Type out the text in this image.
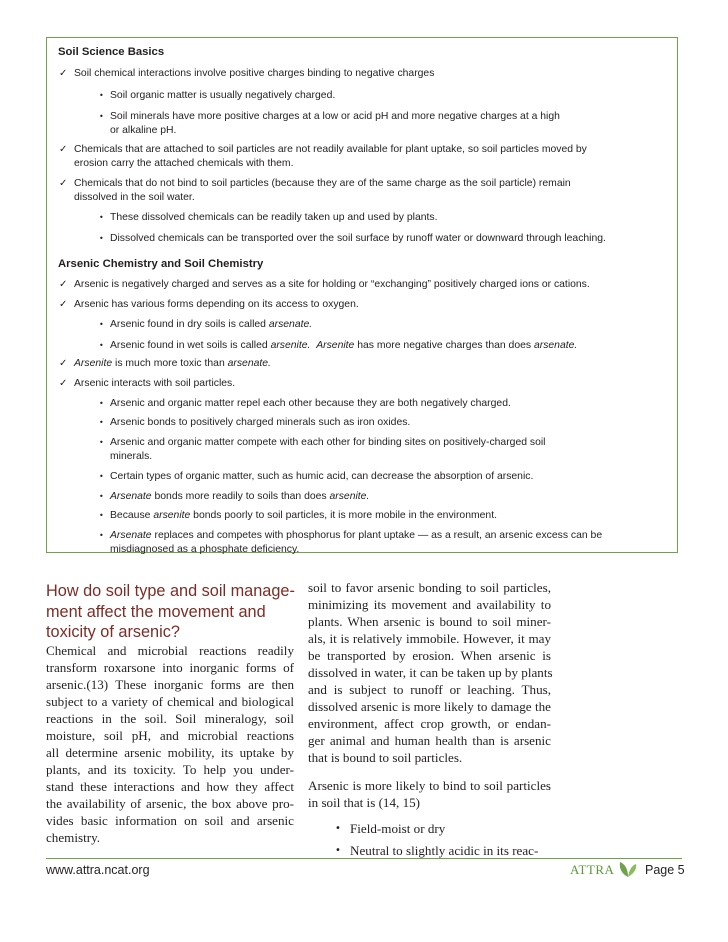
Soil Science Basics
✓ Soil chemical interactions involve positive charges binding to negative charges
• Soil organic matter is usually negatively charged.
• Soil minerals have more positive charges at a low or acid pH and more negative charges at a high
or alkaline pH.
✓ Chemicals that are attached to soil particles are not readily available for plant uptake, so soil particles moved by
erosion carry the attached chemicals with them.
✓ Chemicals that do not bind to soil particles (because they are of the same charge as the soil particle) remain
dissolved in the soil water.
• These dissolved chemicals can be readily taken up and used by plants.
• Dissolved chemicals can be transported over the soil surface by runoff water or downward through leaching.
Arsenic Chemistry and Soil Chemistry
✓ Arsenic is negatively charged and serves as a site for holding or “exchanging” positively charged ions or cations.
✓ Arsenic has various forms depending on its access to oxygen.
• Arsenic found in dry soils is called arsenate.
• Arsenic found in wet soils is called arsenite. Arsenite has more negative charges than does arsenate.
✓ Arsenite is much more toxic than arsenate.
✓ Arsenic interacts with soil particles.
• Arsenic and organic matter repel each other because they are both negatively charged.
• Arsenic bonds to positively charged minerals such as iron oxides.
• Arsenic and organic matter compete with each other for binding sites on positively-charged soil
minerals.
• Certain types of organic matter, such as humic acid, can decrease the absorption of arsenic.
• Arsenate bonds more readily to soils than does arsenite.
• Because arsenite bonds poorly to soil particles, it is more mobile in the environment.
• Arsenate replaces and competes with phosphorus for plant uptake — as a result, an arsenic excess can be
misdiagnosed as a phosphate deficiency.
How do soil type and soil manage-
ment affect the movement and
toxicity of arsenic?
Chemical and microbial reactions readily
transform roxarsone into inorganic forms of
arsenic.(13) These inorganic forms are then
subject to a variety of chemical and biological
reactions in the soil. Soil mineralogy, soil
moisture, soil pH, and microbial reactions
all determine arsenic mobility, its uptake by
plants, and its toxicity. To help you under-
stand these interactions and how they affect
the availability of arsenic, the box above pro-
vides basic information on soil and arsenic
chemistry.
soil to favor arsenic bonding to soil particles,
minimizing its movement and availability to
plants. When arsenic is bound to soil miner-
als, it is relatively immobile. However, it may
be transported by erosion. When arsenic is
dissolved in water, it can be taken up by plants
and is subject to runoff or leaching. Thus,
dissolved arsenic is more likely to damage the
environment, affect crop growth, or endan-
ger animal and human health than is arsenic
that is bound to soil particles.
Arsenic is more likely to bind to soil particles
in soil that is (14, 15)
• Field-moist or dry
• Neutral to slightly acidic in its reac-
www.attra.ncat.org	ATTRA Page 5
